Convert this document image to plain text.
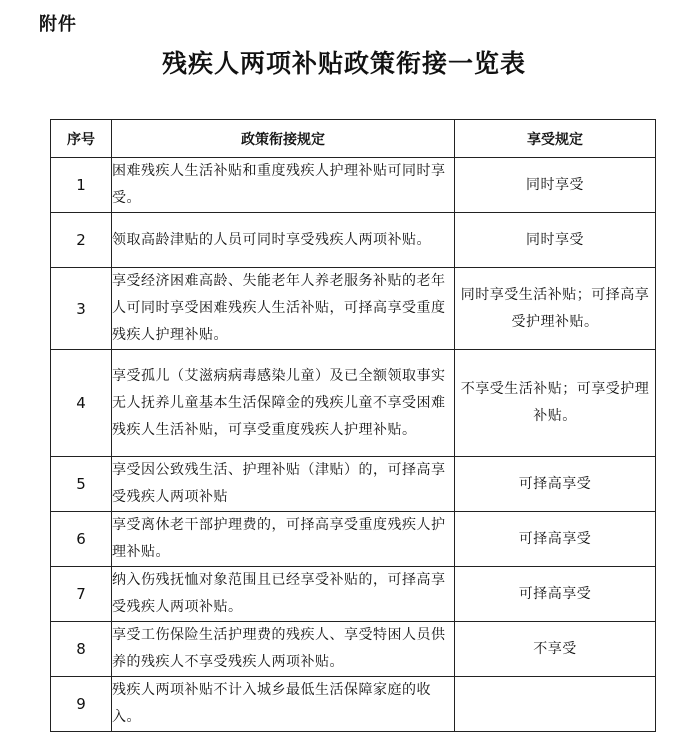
附件
残疾人两项补贴政策衔接一览表
序号	政策衔接规定	享受规定
1	困难残疾人生活补贴和重度残疾人护理补贴可同时享受。	同时享受
2	领取高龄津贴的人员可同时享受残疾人两项补贴。	同时享受
3	享受经济困难高龄、失能老年人养老服务补贴的老年人可同时享受困难残疾人生活补贴，可择高享受重度残疾人护理补贴。	同时享受生活补贴；可择高享受护理补贴。
4	享受孤儿（艾滋病病毒感染儿童）及已全额领取事实无人抚养儿童基本生活保障金的残疾儿童不享受困难残疾人生活补贴，可享受重度残疾人护理补贴。	不享受生活补贴；可享受护理补贴。
5	享受因公致残生活、护理补贴（津贴）的，可择高享受残疾人两项补贴	可择高享受
6	享受离休老干部护理费的，可择高享受重度残疾人护理补贴。	可择高享受
7	纳入伤残抚恤对象范围且已经享受补贴的，可择高享受残疾人两项补贴。	可择高享受
8	享受工伤保险生活护理费的残疾人、享受特困人员供养的残疾人不享受残疾人两项补贴。	不享受
9	残疾人两项补贴不计入城乡最低生活保障家庭的收入。	
